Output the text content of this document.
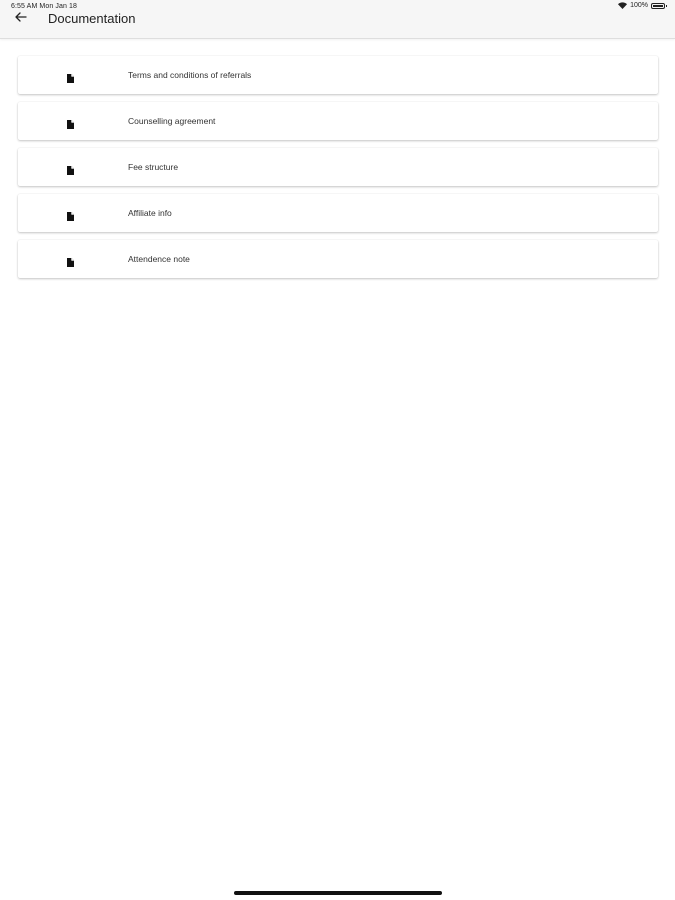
6:55 AM Mon Jan 18	100%
Documentation
Terms and conditions of referrals
Counselling agreement
Fee structure
Affiliate info
Attendence note
